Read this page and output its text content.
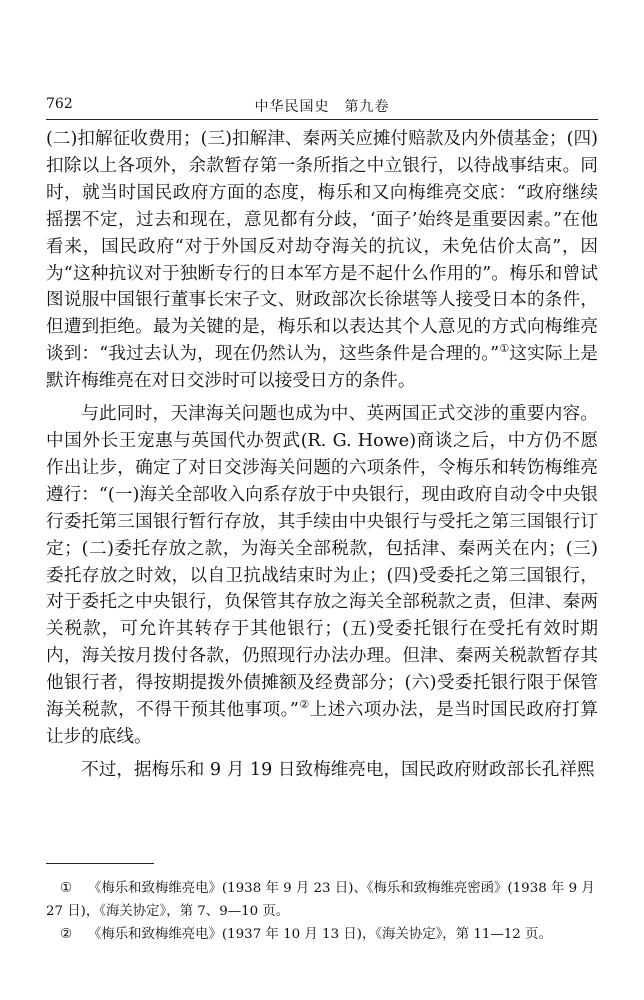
762	中华民国史　第九卷

(二)扣解征收费用；(三)扣解津、秦两关应摊付赔款及内外债基金；(四)扣除以上各项外，余款暂存第一条所指之中立银行，以待战事结束。同时，就当时国民政府方面的态度，梅乐和又向梅维亮交底：“政府继续摇摆不定，过去和现在，意见都有分歧，‘面子’始终是重要因素。”在他看来，国民政府“对于外国反对劫夺海关的抗议，未免估价太高”，因为“这种抗议对于独断专行的日本军方是不起什么作用的”。梅乐和曾试图说服中国银行董事长宋子文、财政部次长徐堪等人接受日本的条件，但遭到拒绝。最为关键的是，梅乐和以表达其个人意见的方式向梅维亮谈到：“我过去认为，现在仍然认为，这些条件是合理的。”①这实际上是默许梅维亮在对日交涉时可以接受日方的条件。

与此同时，天津海关问题也成为中、英两国正式交涉的重要内容。中国外长王宠惠与英国代办贺武(R. G. Howe)商谈之后，中方仍不愿作出让步，确定了对日交涉海关问题的六项条件，令梅乐和转饬梅维亮遵行：“(一)海关全部收入向系存放于中央银行，现由政府自动令中央银行委托第三国银行暂行存放，其手续由中央银行与受托之第三国银行订定；(二)委托存放之款，为海关全部税款，包括津、秦两关在内；(三)委托存放之时效，以自卫抗战结束时为止；(四)受委托之第三国银行，对于委托之中央银行，负保管其存放之海关全部税款之责，但津、秦两关税款，可允许其转存于其他银行；(五)受委托银行在受托有效时期内，海关按月拨付各款，仍照现行办法办理。但津、秦两关税款暂存其他银行者，得按期提拨外债摊额及经费部分；(六)受委托银行限于保管海关税款，不得干预其他事项。”②上述六项办法，是当时国民政府打算让步的底线。

不过，据梅乐和 9 月 19 日致梅维亮电，国民政府财政部长孔祥熙

① 《梅乐和致梅维亮电》(1938 年 9 月 23 日)、《梅乐和致梅维亮密函》(1938 年 9 月 27 日)，《海关协定》，第 7、9—10 页。

② 《梅乐和致梅维亮电》(1937 年 10 月 13 日)，《海关协定》，第 11—12 页。
